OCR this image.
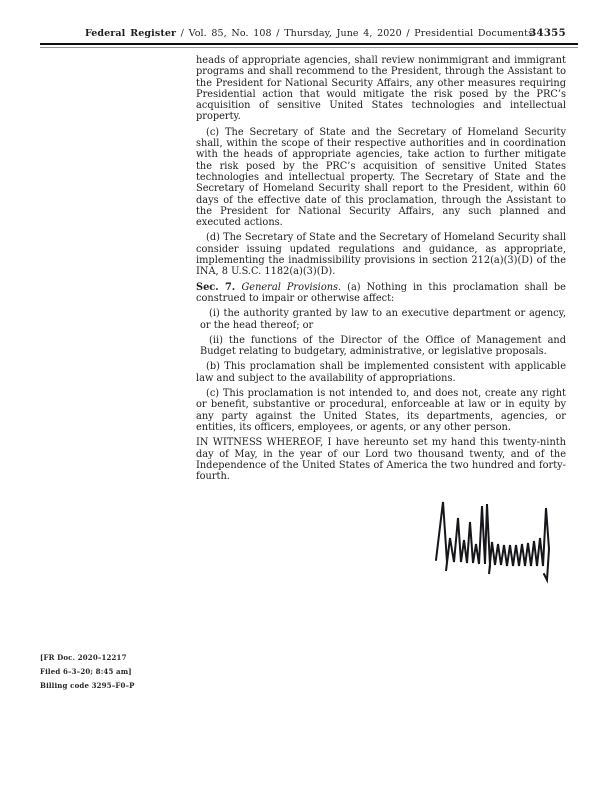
Federal Register / Vol. 85, No. 108 / Thursday, June 4, 2020 / Presidential Documents
34355

heads of appropriate agencies, shall review nonimmigrant and immigrant programs and shall recommend to the President, through the Assistant to the President for National Security Affairs, any other measures requiring Presidential action that would mitigate the risk posed by the PRC’s acquisition of sensitive United States technologies and intellectual property.

(c) The Secretary of State and the Secretary of Homeland Security shall, within the scope of their respective authorities and in coordination with the heads of appropriate agencies, take action to further mitigate the risk posed by the PRC’s acquisition of sensitive United States technologies and intellectual property. The Secretary of State and the Secretary of Homeland Security shall report to the President, within 60 days of the effective date of this proclamation, through the Assistant to the President for National Security Affairs, any such planned and executed actions.

(d) The Secretary of State and the Secretary of Homeland Security shall consider issuing updated regulations and guidance, as appropriate, implementing the inadmissibility provisions in section 212(a)(3)(D) of the INA, 8 U.S.C. 1182(a)(3)(D).

Sec. 7. General Provisions. (a) Nothing in this proclamation shall be construed to impair or otherwise affect:

(i) the authority granted by law to an executive department or agency, or the head thereof; or

(ii) the functions of the Director of the Office of Management and Budget relating to budgetary, administrative, or legislative proposals.

(b) This proclamation shall be implemented consistent with applicable law and subject to the availability of appropriations.

(c) This proclamation is not intended to, and does not, create any right or benefit, substantive or procedural, enforceable at law or in equity by any party against the United States, its departments, agencies, or entities, its officers, employees, or agents, or any other person.

IN WITNESS WHEREOF, I have hereunto set my hand this twenty-ninth day of May, in the year of our Lord two thousand twenty, and of the Independence of the United States of America the two hundred and forty-fourth.

[FR Doc. 2020–12217
Filed 6–3–20; 8:45 am]
Billing code 3295–F0–P
